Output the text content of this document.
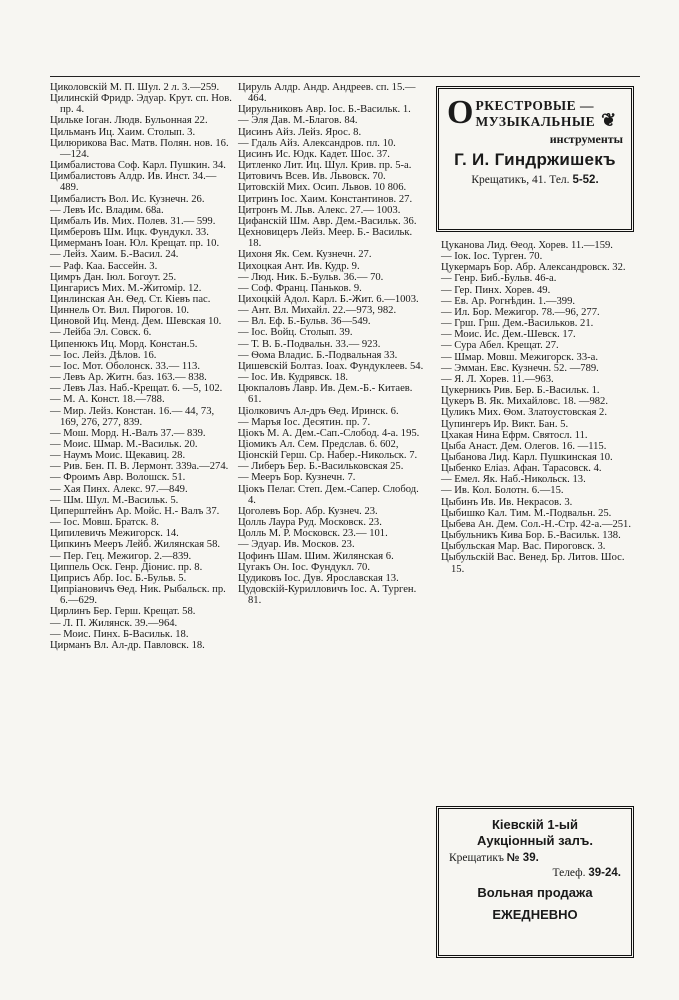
Циколовскій М. П. Шул. 2 л. 3.—259.

Цилинскій Фридр. Эдуар. Крут. сп. Нов. пр. 4.

Цильке Іоган. Людв. Бульонная 22.

Цильманъ Иц. Хаим. Столып. 3.

Цилюрикова Вас. Матв. Полян. нов. 16.—124.

Цимбалистова Соф. Карл. Пушкин. 34.

Цимбалистовъ Алдр. Ив. Инст. 34.—489.

Цимбалистъ Вол. Ис. Кузнечн. 26.

— Левъ Ис. Владим. 68а.

Цимбалъ Ив. Мих. Полев. 31.— 599.

Цимберовъ Шм. Ицк. Фундукл. 33.

Цимерманъ Іоан. Юл. Крещат. пр. 10.

— Лейз. Хаим. Б.-Васил. 24.

— Раф. Каа. Бассейн. 3.

Цимръ Дан. Іюл. Богоут. 25.

Цингарисъ Мих. М.-Житомір. 12.

Цинлинская Ан. Ѳед. Ст. Кіевъ пас.

Циннель От. Вил. Пирогов. 10.

Циновой Иц. Менд. Дем. Шевская 10.

— Лейба Эл. Совск. 6.

Ципенюкъ Иц. Морд. Констан.5.

— Іос. Лейз. Дѣлов. 16.

— Іос. Мот. Оболонск. 33.— 113.

— Левъ Ар. Житн. баз. 163.— 838.

— Левъ Лаз. Наб.-Крещат. 6. —5, 102.

— М. А. Конст. 18.—788.

— Мир. Лейз. Констан. 16.— 44, 73, 169, 276, 277, 839.

— Мош. Морд. Н.-Валъ 37.— 839.

— Моис. Шмар. М.-Васильк. 20.

— Наумъ Моис. Щекавиц. 28.

— Рив. Бен. П. В. Лермонт. 339а.—274.

— Фроимъ Авр. Волошск. 51.

— Хая Пинх. Алекс. 97.—849.

— Шм. Шул. М.-Васильк. 5.

Циперштейнъ Ар. Мойс. Н.- Валъ 37.

— Іос. Мовш. Братск. 8.

Ципилевичъ Межигорск. 14.

Ципкинъ Мееръ Лейб. Жилянская 58.

— Пер. Гец. Межигор. 2.—839.

Циппель Оск. Генр. Діонис. пр. 8.

Циприсъ Абр. Іос. Б.-Бульв. 5.

Ципріановичъ Ѳед. Ник. Рыбальск. пр. 6.—629.

Цирлинъ Бер. Герш. Крещат. 58.

— Л. П. Жилянск. 39.—964.

— Моис. Пинх. Б-Васильк. 18.

Цирманъ Вл. Ал-др. Павловск. 18.

Цируль Алдр. Андр. Андреев. сп. 15.—464.

Цирульниковъ Авр. Іос. Б.-Васильк. 1.

— Эля Дав. М.-Благов. 84.

Цисинъ Айз. Лейз. Ярос. 8.

— Гдаль Айз. Александров. пл. 10.

Цисинъ Ис. Юдк. Кадет. Шос. 37.

Цитленко Лит. Иц. Шул. Крив. пр. 5-а.

Цитовичъ Всев. Ив. Львовск. 70.

Цитовскій Мих. Осип. Львов. 10 806.

Цитринъ Іос. Хаим. Константинов. 27.

Цитронъ М. Льв. Алекс. 27.— 1003.

Цифанскій Шм. Авр. Дем.-Васильк. 36.

Цехновицеръ Лейз. Меер. Б.- Васильк. 18.

Цихоня Як. Сем. Кузнечн. 27.

Цихоцкая Ант. Ив. Кудр. 9.

— Люд. Ник. Б.-Бульв. 36.— 70.

— Соф. Франц. Паньков. 9.

Цихоцкій Адол. Карл. Б.-Жит. 6.—1003.

— Ант. Вл. Михайл. 22.—973, 982.

— Вл. Еф. Б.-Бульв. 36—549.

— Іос. Войц. Столып. 39.

— Т. В. Б.-Подвальн. 33.— 923.

— Ѳома Владис. Б.-Подвальная 33.

Цишевскій Болтаз. Іоах. Фундуклеев. 54.

— Іос. Ив. Кудрявск. 18.

Цюкпаловъ Лавр. Ив. Дем.-Б.- Китаев. 61.

Ціолковичъ Ал-дръ Ѳед. Иринск. 6.

— Маръя Іос. Десятин. пр. 7.

Ціокъ М. А. Дем.-Сап.-Слобод. 4-а. 195.

Ціомикъ Ал. Сем. Предслав. 6. 602,

Ціонскій Герш. Ср. Набер.-Никольск. 7.

— Либеръ Бер. Б.-Васильковская 25.

— Мееръ Бор. Кузнечн. 7.

Ціокъ Пелаг. Степ. Дем.-Сапер. Слобод. 4.

Цоголевъ Бор. Абр. Кузнеч. 23.

Цолль Лаура Руд. Московск. 23.

Цолль М. Р. Московск. 23.— 101.

— Эдуар. Ив. Москов. 23.

Цофинъ Шам. Шим. Жилянская 6.

Цугакъ Он. Іос. Фундукл. 70.

Цудиковъ Іос. Дув. Ярославская 13.

Цудовскій-Курилловичъ Іос. А. Турген. 81.

О РКЕСТРОВЫЕ —
МУЗЫКАЛЬНЫЕ ❦
инструменты
Г. И. Гиндржишекъ
Крещатикъ, 41. Тел. 5-52.

Цуканова Лид. Ѳеод. Хорев. 11.—159.

— Іок. Іос. Турген. 70.

Цукермаръ Бор. Абр. Александровск. 32.

— Генр. Биб.-Бульв. 46-а.

— Гер. Пинх. Хорев. 49.

— Ев. Ар. Рогнѣдин. 1.—399.

— Ил. Бор. Межигор. 78.—96, 277.

— Грш. Грш. Дем.-Васильков. 21.

— Моис. Ис. Дем.-Шевск. 17.

— Сура Абел. Крещат. 27.

— Шмар. Мовш. Межигорск. 33-а.

— Эмман. Евс. Кузнечн. 52. —789.

— Я. Л. Хорев. 11.—963.

Цукерникъ Рив. Бер. Б.-Васильк. 1.

Цукеръ В. Як. Михайловс. 18. —982.

Цуликъ Мих. Ѳом. Златоустовская 2.

Цупингеръ Ир. Викт. Бан. 5.

Цхакая Нина Ефрм. Святосл. 11.

Цыба Анаст. Дем. Олегов. 16. —115.

Цыбанова Лид. Карл. Пушкинская 10.

Цыбенко Еліаз. Афан. Тарасовск. 4.

— Емел. Як. Наб.-Никольск. 13.

— Ив. Кол. Болотн. 6.—15.

Цыбинъ Ив. Ив. Некрасов. 3.

Цыбишко Кал. Тим. М.-Подвальн. 25.

Цыбева Ан. Дем. Сол.-Н.-Стр. 42-а.—251.

Цыбульникъ Кива Бор. Б.-Васильк. 138.

Цыбульская Мар. Вас. Пироговск. 3.

Цыбульскій Вас. Венед. Бр. Литов. Шос. 15.

Кіевскій 1-ый
Аукціонный залъ.
Крещатикъ № 39.
Телеф. 39-24.
Вольная продажа
ЕЖЕДНЕВНО
